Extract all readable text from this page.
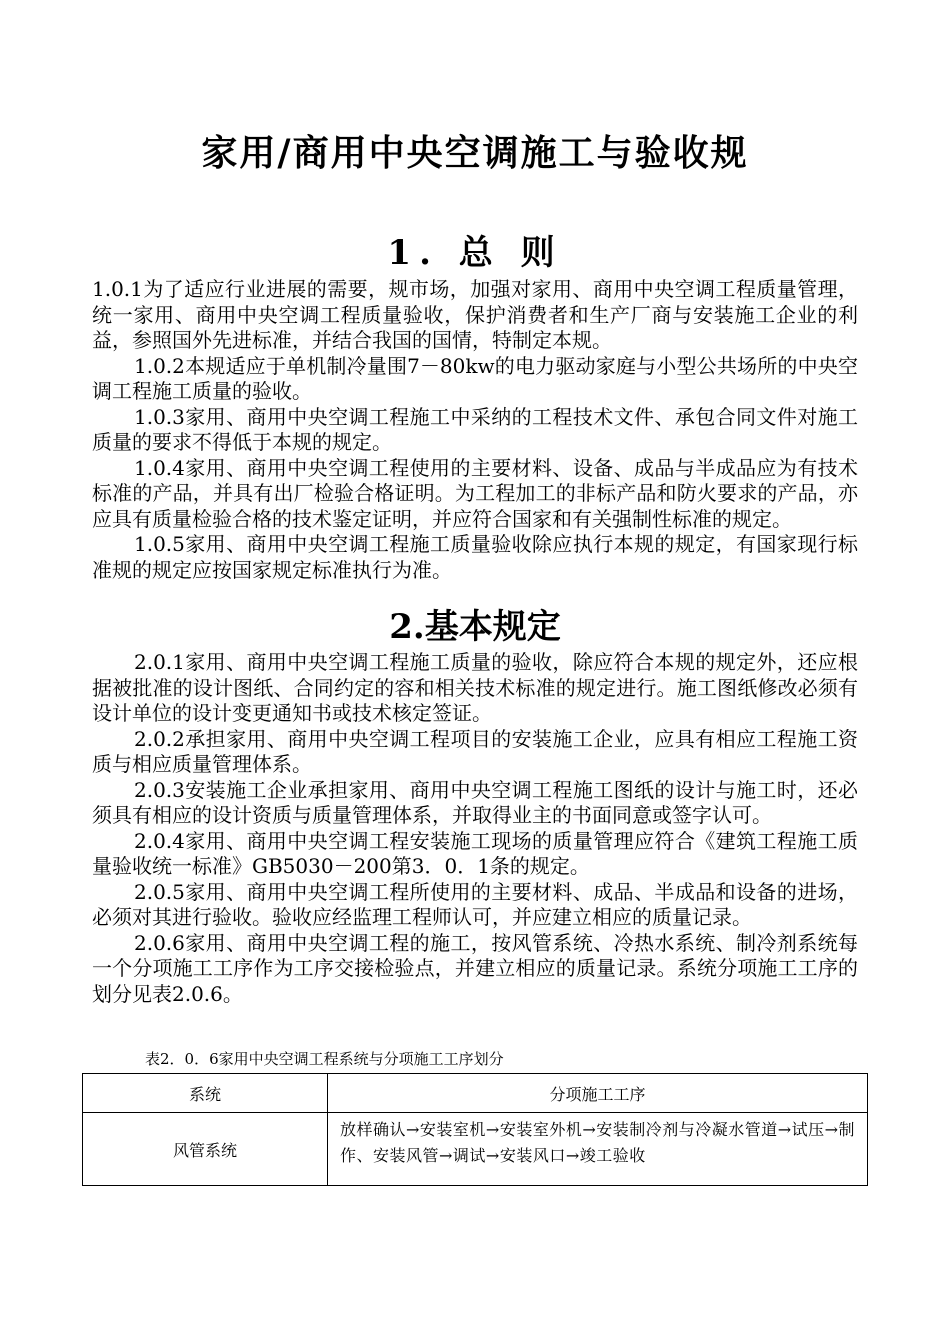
家用/商用中央空调施工与验收规
1. 总 则

1.0.1为了适应行业进展的需要，规市场，加强对家用、商用中央空调工程质量管理，统一家用、商用中央空调工程质量验收，保护消费者和生产厂商与安装施工企业的利益，参照国外先进标准，并结合我国的国情，特制定本规。

1.0.2本规适应于单机制冷量围7－80kw的电力驱动家庭与小型公共场所的中央空调工程施工质量的验收。

1.0.3家用、商用中央空调工程施工中采纳的工程技术文件、承包合同文件对施工质量的要求不得低于本规的规定。

1.0.4家用、商用中央空调工程使用的主要材料、设备、成品与半成品应为有技术标准的产品，并具有出厂检验合格证明。为工程加工的非标产品和防火要求的产品，亦应具有质量检验合格的技术鉴定证明，并应符合国家和有关强制性标准的规定。

1.0.5家用、商用中央空调工程施工质量验收除应执行本规的规定，有国家现行标准规的规定应按国家规定标准执行为准。

2.基本规定

2.0.1家用、商用中央空调工程施工质量的验收，除应符合本规的规定外，还应根据被批准的设计图纸、合同约定的容和相关技术标准的规定进行。施工图纸修改必须有设计单位的设计变更通知书或技术核定签证。

2.0.2承担家用、商用中央空调工程项目的安装施工企业，应具有相应工程施工资质与相应质量管理体系。

2.0.3安装施工企业承担家用、商用中央空调工程施工图纸的设计与施工时，还必须具有相应的设计资质与质量管理体系，并取得业主的书面同意或签字认可。

2.0.4家用、商用中央空调工程安装施工现场的质量管理应符合《建筑工程施工质量验收统一标准》GB5030－200第3．0．1条的规定。

2.0.5家用、商用中央空调工程所使用的主要材料、成品、半成品和设备的进场，必须对其进行验收。验收应经监理工程师认可，并应建立相应的质量记录。

2.0.6家用、商用中央空调工程的施工，按风管系统、冷热水系统、制冷剂系统每一个分项施工工序作为工序交接检验点，并建立相应的质量记录。系统分项施工工序的划分见表2.0.6。

表2．0．6家用中央空调工程系统与分项施工工序划分

系统	分项施工工序
风管系统	放样确认→安装室机→安装室外机→安装制冷剂与冷凝水管道→试压→制作、安装风管→调试→安装风口→竣工验收
